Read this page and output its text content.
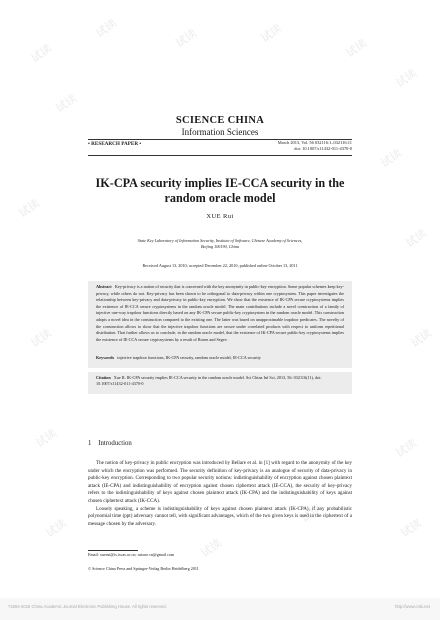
试读
试读	试读	试读
试读
试读
试读
试读
试读
试读
试读	试读
试读	试读
试读
试读
试读
试读
SCIENCE CHINA
Information Sciences
• RESEARCH PAPER •	March 2013, Vol. 56 032116:1–032116:11
doi: 10.1007/s11432-011-4370-0
IK-CPA security implies IE-CCA security in the
random oracle model
XUE Rui
State Key Laboratory of Information Security, Institute of Software, Chinese Academy of Sciences,
Beijing 100190, China
Received August 13, 2010; accepted December 22, 2010; published online October 13, 2011
Abstract Key-privacy is a notion of security that is concerned with the key anonymity in public-key encryption. Some popular schemes keep key-privacy, while others do not. Key-privacy has been shown to be orthogonal to data-privacy within one cryptosystem. This paper investigates the relationship between key-privacy and data-privacy in public-key encryption. We show that the existence of IK-CPA secure cryptosystems implies the existence of IE-CCA secure cryptosystems in the random oracle model. The main contributions include a novel construction of a family of injective one-way trapdoor functions directly based on any IK-CPA secure public-key cryptosystem in the random oracle model. This construction adopts a novel idea in the construction compared to the existing one. The latter was based on unapproximable trapdoor predicates. The novelty of the construction allows to show that the injective trapdoor functions are secure under correlated products with respect to uniform repetitional distribution. That further allows us to conclude, in the random oracle model, that the existence of IK-CPA secure public-key cryptosystems implies the existence of IE-CCA secure cryptosystems by a result of Rosen and Segev.
Keywords injective trapdoor functions, IK-CPA security, random oracle model, IE-CCA security
Citation Xue R. IK-CPA security implies IE-CCA security in the random oracle model. Sci China Inf Sci, 2013, 56: 032116(11), doi: 10.1007/s11432-011-4370-0
1 Introduction
The notion of key-privacy in public encryption was introduced by Bellare et al. in [1] with regard to the anonymity of the key under which the encryption was performed. The security definition of key-privacy is an analogue of security of data-privacy in public-key encryption. Corresponding to two popular security notions: indistinguishability of encryption against chosen plaintext attack (IE-CPA) and indistinguishability of encryption against chosen ciphertext attack (IE-CCA), the security of key-privacy refers to the indistinguishability of keys against chosen plaintext attack (IK-CPA) and the indistinguishability of keys against chosen ciphertext attack (IK-CCA).
Loosely speaking, a scheme is indistinguishability of keys against chosen plaintext attack (IK-CPA), if any probabilistic polynomial time (ppt) adversary cannot tell, with significant advantages, which of the two given keys is used in the ciphertext of a message chosen by the adversary.
Email: xuerui@is.iscas.ac.cn; ruixue.cn@gmail.com
© Science China Press and Springer-Verlag Berlin Heidelberg 2011
?1994-2015 China Academic Journal Electronic Publishing House. All rights reserved.	http://www.cnki.net
